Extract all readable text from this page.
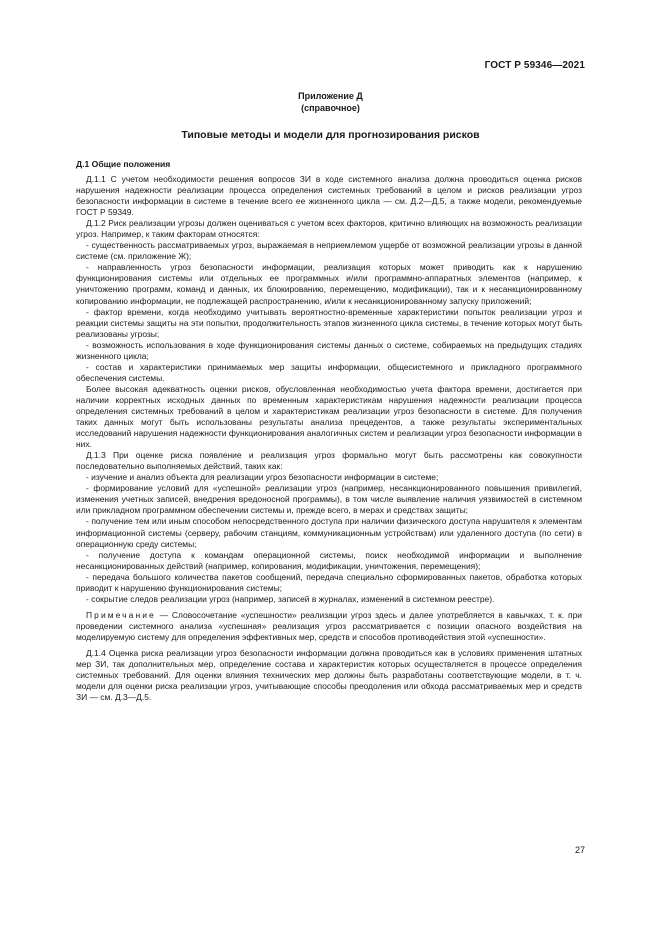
ГОСТ Р 59346—2021
Приложение Д
(справочное)
Типовые методы и модели для прогнозирования рисков
Д.1 Общие положения

Д.1.1 С учетом необходимости решения вопросов ЗИ в ходе системного анализа должна проводиться оценка рисков нарушения надежности реализации процесса определения системных требований в целом и рисков реализации угроз безопасности информации в системе в течение всего ее жизненного цикла — см. Д.2—Д.5, а также модели, рекомендуемые ГОСТ Р 59349.

Д.1.2 Риск реализации угрозы должен оцениваться с учетом всех факторов, критично влияющих на возможность реализации угроз. Например, к таким факторам относятся:

- существенность рассматриваемых угроз, выражаемая в неприемлемом ущербе от возможной реализации угрозы в данной системе (см. приложение Ж);

- направленность угроз безопасности информации, реализация которых может приводить как к нарушению функционирования системы или отдельных ее программных и/или программно-аппаратных элементов (например, к уничтожению программ, команд и данных, их блокированию, перемещению, модификации), так и к несанкционированному копированию информации, не подлежащей распространению, и/или к несанкционированному запуску приложений;

- фактор времени, когда необходимо учитывать вероятностно-временные характеристики попыток реализации угроз и реакции системы защиты на эти попытки, продолжительность этапов жизненного цикла системы, в течение которых могут быть реализованы угрозы;

- возможность использования в ходе функционирования системы данных о системе, собираемых на предыдущих стадиях жизненного цикла;

- состав и характеристики принимаемых мер защиты информации, общесистемного и прикладного программного обеспечения системы.

Более высокая адекватность оценки рисков, обусловленная необходимостью учета фактора времени, достигается при наличии корректных исходных данных по временным характеристикам нарушения надежности реализации процесса определения системных требований в целом и характеристикам реализации угроз безопасности в системе. Для получения таких данных могут быть использованы результаты анализа прецедентов, а также результаты экспериментальных исследований нарушения надежности функционирования аналогичных систем и реализации угроз безопасности информации в них.

Д.1.3 При оценке риска появление и реализация угроз формально могут быть рассмотрены как совокупности последовательно выполняемых действий, таких как:

- изучение и анализ объекта для реализации угроз безопасности информации в системе;

- формирование условий для «успешной» реализации угроз (например, несанкционированного повышения привилегий, изменения учетных записей, внедрения вредоносной программы), в том числе выявление наличия уязвимостей в системном или прикладном программном обеспечении системы и, прежде всего, в мерах и средствах защиты;

- получение тем или иным способом непосредственного доступа при наличии физического доступа нарушителя к элементам информационной системы (серверу, рабочим станциям, коммуникационным устройствам) или удаленного доступа (по сети) в операционную среду системы;

- получение доступа к командам операционной системы, поиск необходимой информации и выполнение несанкционированных действий (например, копирования, модификации, уничтожения, перемещения);

- передача большого количества пакетов сообщений, передача специально сформированных пакетов, обработка которых приводит к нарушению функционирования системы;

- сокрытие следов реализации угроз (например, записей в журналах, изменений в системном реестре).

Примечание — Словосочетание «успешности» реализации угроз здесь и далее употребляется в кавычках, т. к. при проведении системного анализа «успешная» реализация угроз рассматривается с позиции опасного воздействия на моделируемую систему для определения эффективных мер, средств и способов противодействия этой «успешности».

Д.1.4 Оценка риска реализации угроз безопасности информации должна проводиться как в условиях применения штатных мер ЗИ, так дополнительных мер, определение состава и характеристик которых осуществляется в процессе определения системных требований. Для оценки влияния технических мер должны быть разработаны соответствующие модели, в т. ч. модели для оценки риска реализации угроз, учитывающие способы преодоления или обхода рассматриваемых мер и средств ЗИ — см. Д.3—Д.5.

27
